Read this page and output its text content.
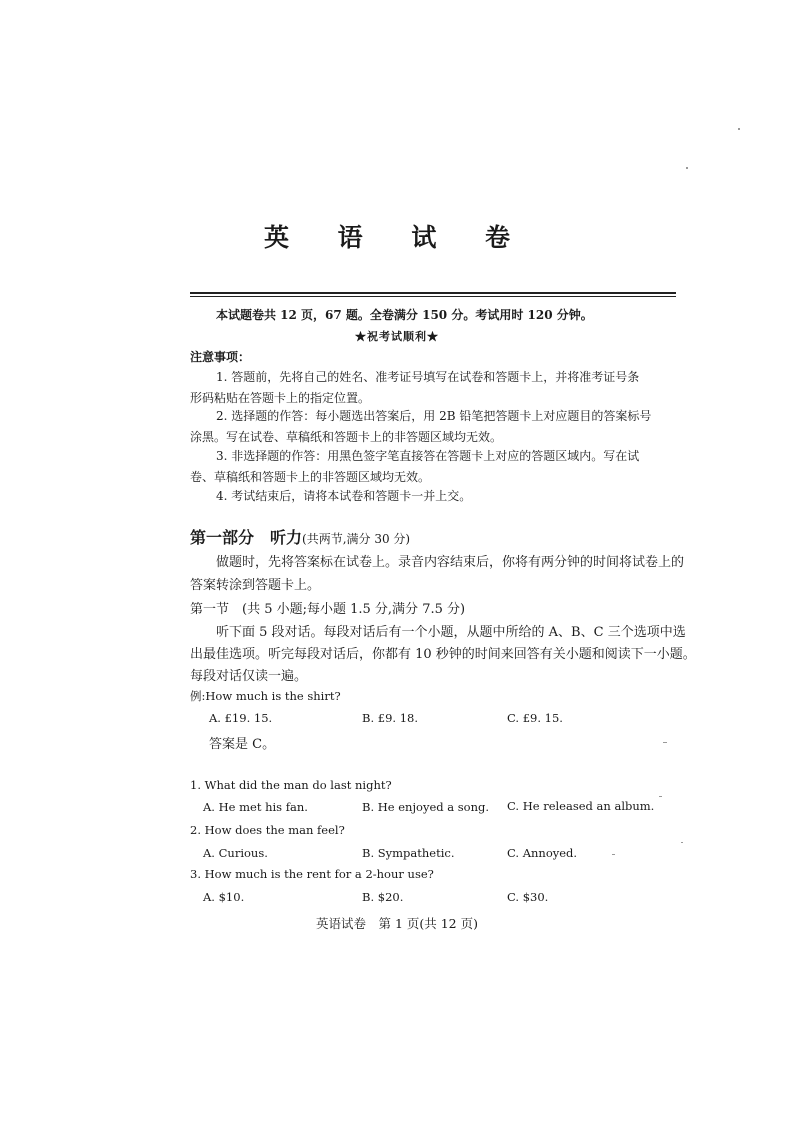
英 语 试 卷
本试题卷共 12 页，67 题。全卷满分 150 分。考试用时 120 分钟。
★祝考试顺利★
注意事项：
1. 答题前，先将自己的姓名、准考证号填写在试卷和答题卡上，并将准考证号条
形码粘贴在答题卡上的指定位置。
2. 选择题的作答：每小题选出答案后，用 2B 铅笔把答题卡上对应题目的答案标号
涂黑。写在试卷、草稿纸和答题卡上的非答题区域均无效。
3. 非选择题的作答：用黑色签字笔直接答在答题卡上对应的答题区域内。写在试
卷、草稿纸和答题卡上的非答题区域均无效。
4. 考试结束后，请将本试卷和答题卡一并上交。
第一部分　听力(共两节,满分 30 分)
做题时，先将答案标在试卷上。录音内容结束后，你将有两分钟的时间将试卷上的
答案转涂到答题卡上。
第一节　(共 5 小题;每小题 1.5 分,满分 7.5 分)
听下面 5 段对话。每段对话后有一个小题，从题中所给的 A、B、C 三个选项中选
出最佳选项。听完每段对话后，你都有 10 秒钟的时间来回答有关小题和阅读下一小题。
每段对话仅读一遍。
例:How much is the shirt?
A. £19. 15.	B. £9. 18.	C. £9. 15.
答案是 C。
1. What did the man do last night?
A. He met his fan.	B. He enjoyed a song. C. He released an album.
2. How does the man feel?
A. Curious.	B. Sympathetic.	C. Annoyed.
3. How much is the rent for a 2-hour use?
A. $10.	B. $20.	C. $30.
英语试卷　第 1 页(共 12 页)
